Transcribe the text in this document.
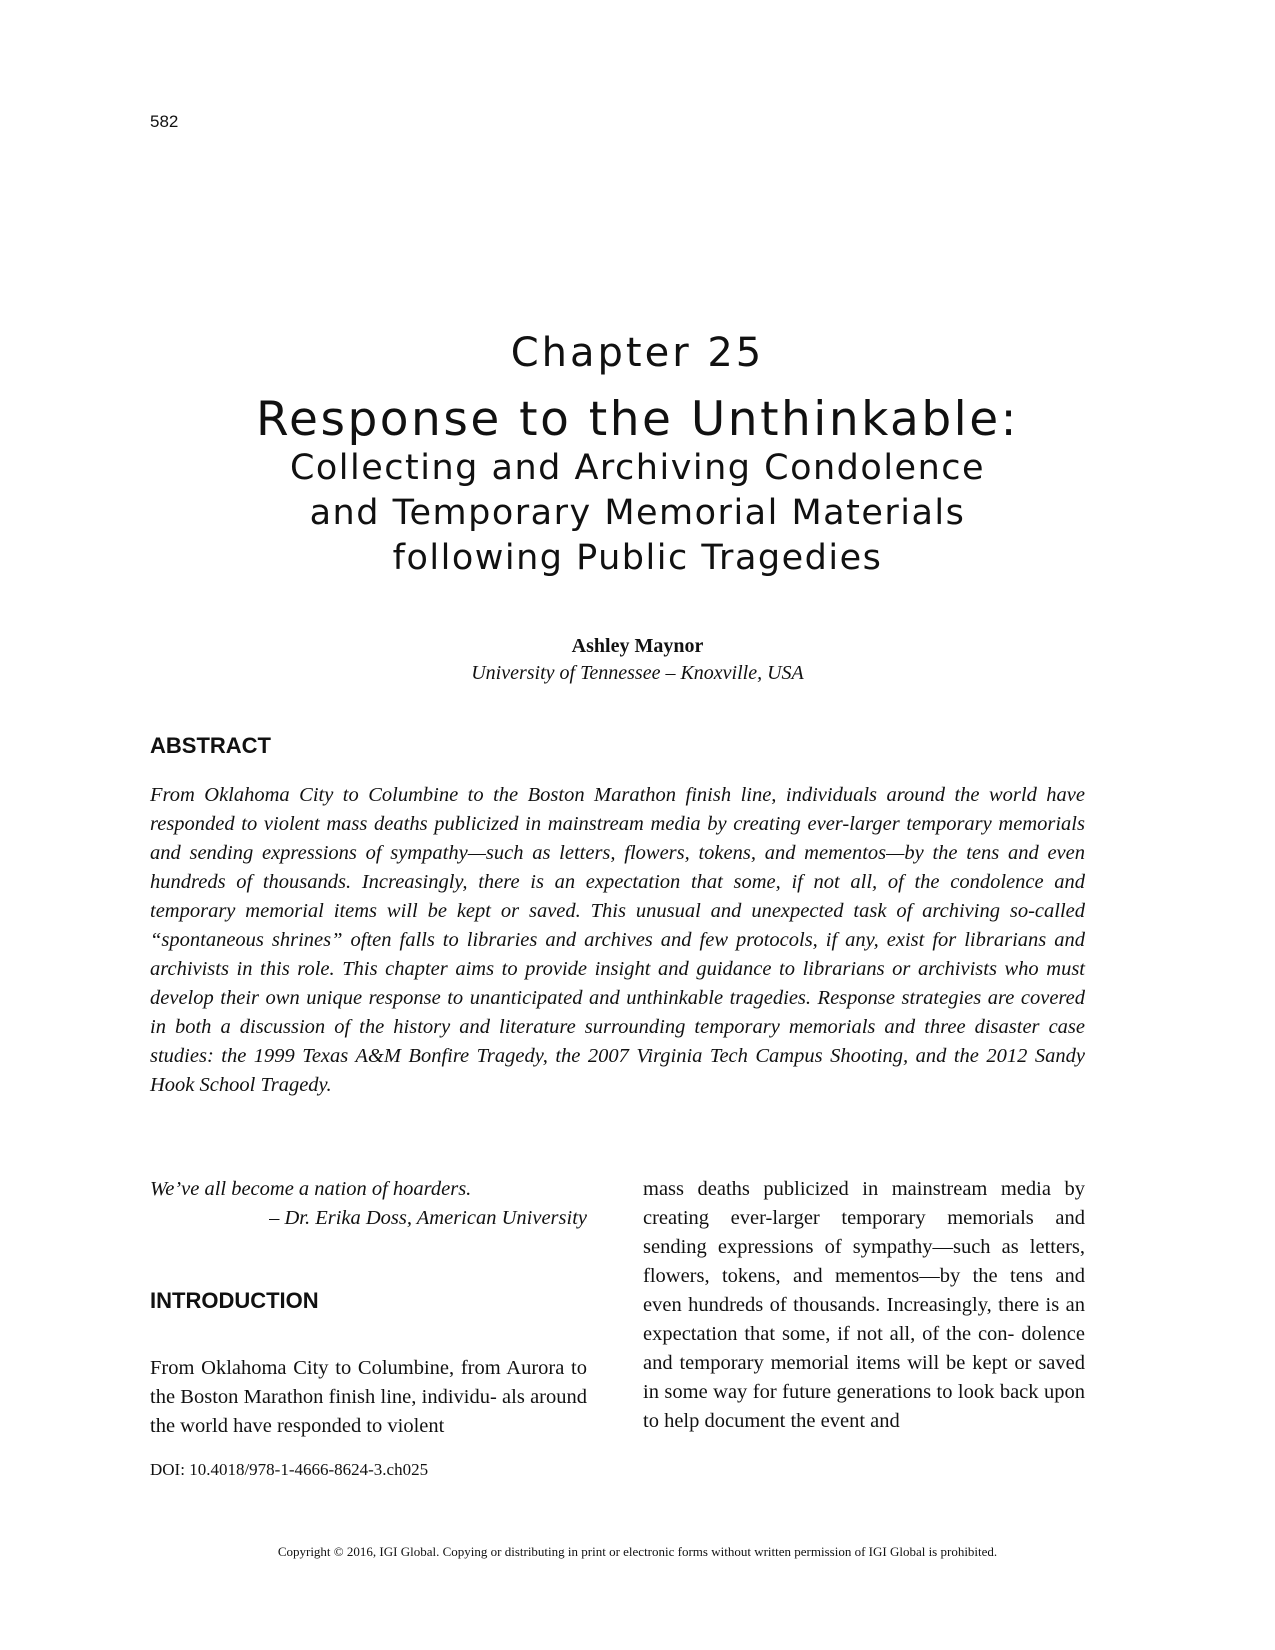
582

Chapter 25
Response to the Unthinkable:
Collecting and Archiving Condolence
and Temporary Memorial Materials
following Public Tragedies

Ashley Maynor

University of Tennessee – Knoxville, USA

ABSTRACT

From Oklahoma City to Columbine to the Boston Marathon finish line, individuals around the world have responded to violent mass deaths publicized in mainstream media by creating ever-larger temporary memorials and sending expressions of sympathy—such as letters, flowers, tokens, and mementos—by the tens and even hundreds of thousands. Increasingly, there is an expectation that some, if not all, of the condolence and temporary memorial items will be kept or saved. This unusual and unexpected task of archiving so-called “spontaneous shrines” often falls to libraries and archives and few protocols, if any, exist for librarians and archivists in this role. This chapter aims to provide insight and guidance to librarians or archivists who must develop their own unique response to unanticipated and unthinkable tragedies. Response strategies are covered in both a discussion of the history and literature surrounding temporary memorials and three disaster case studies: the 1999 Texas A&M Bonfire Tragedy, the 2007 Virginia Tech Campus Shooting, and the 2012 Sandy Hook School Tragedy.

We’ve all become a nation of hoarders.

– Dr. Erika Doss, American University

INTRODUCTION

From Oklahoma City to Columbine, from Aurora to the Boston Marathon finish line, individu- als around the world have responded to violent

mass deaths publicized in mainstream media by creating ever-larger temporary memorials and sending expressions of sympathy—such as letters, flowers, tokens, and mementos—by the tens and even hundreds of thousands. Increasingly, there is an expectation that some, if not all, of the con- dolence and temporary memorial items will be kept or saved in some way for future generations to look back upon to help document the event and

DOI: 10.4018/978-1-4666-8624-3.ch025

Copyright © 2016, IGI Global. Copying or distributing in print or electronic forms without written permission of IGI Global is prohibited.
